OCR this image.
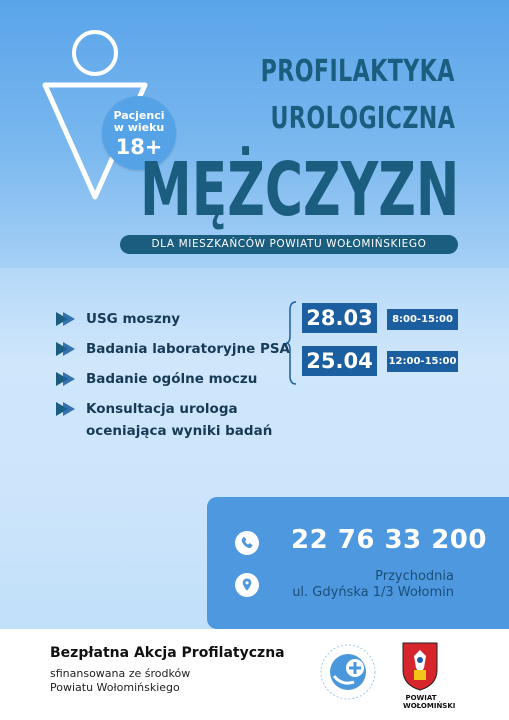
Pacjenci
w wieku
18+
PROFILAKTYKA
UROLOGICZNA
MĘŻCZYZN
DLA MIESZKAŃCÓW POWIATU WOŁOMIŃSKIEGO
USG moszny
Badania laboratoryjne PSA
Badanie ogólne moczu
Konsultacja urologa
oceniająca wyniki badań
28.03	8:00-15:00
25.04	12:00-15:00
22 76 33 200
Przychodnia
ul. Gdyńska 1/3 Wołomin
Bezpłatna Akcja Profilatyczna
sfinansowana ze środków
Powiatu Wołomińskiego
POWIAT WOŁOMIŃSKI
